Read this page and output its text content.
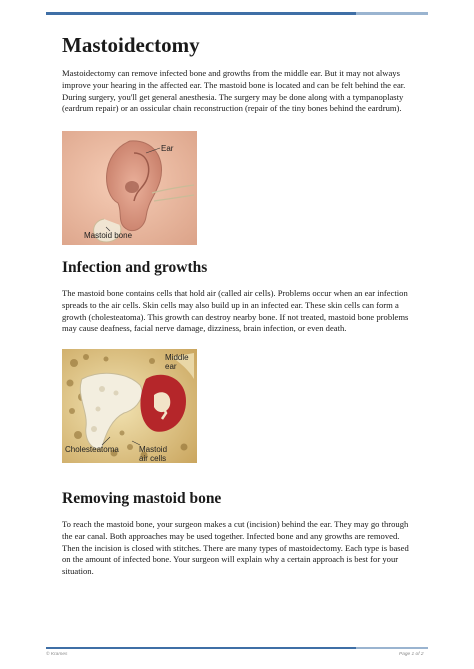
Mastoidectomy

Mastoidectomy can remove infected bone and growths from the middle ear. But it may not always improve your hearing in the affected ear. The mastoid bone is located and can be felt behind the ear. During surgery, you'll get general anesthesia. The surgery may be done along with a tympanoplasty (eardrum repair) or an ossicular chain reconstruction (repair of the tiny bones behind the eardrum).

Ear
Mastoid bone
Infection and growths

The mastoid bone contains cells that hold air (called air cells). Problems occur when an ear infection spreads to the air cells. Skin cells may also build up in an infected ear. These skin cells can form a growth (cholesteatoma). This growth can destroy nearby bone. If not treated, mastoid bone problems may cause deafness, facial nerve damage, dizziness, brain infection, or even death.

Middle
ear
Cholesteatoma	Mastoid
air cells
Removing mastoid bone

To reach the mastoid bone, your surgeon makes a cut (incision) behind the ear. They may go through the ear canal. Both approaches may be used together. Infected bone and any growths are removed. Then the incision is closed with stitches. There are many types of mastoidectomy. Each type is based on the amount of infected bone. Your surgeon will explain why a certain approach is best for your situation.

© Krames	Page 1 of 2
